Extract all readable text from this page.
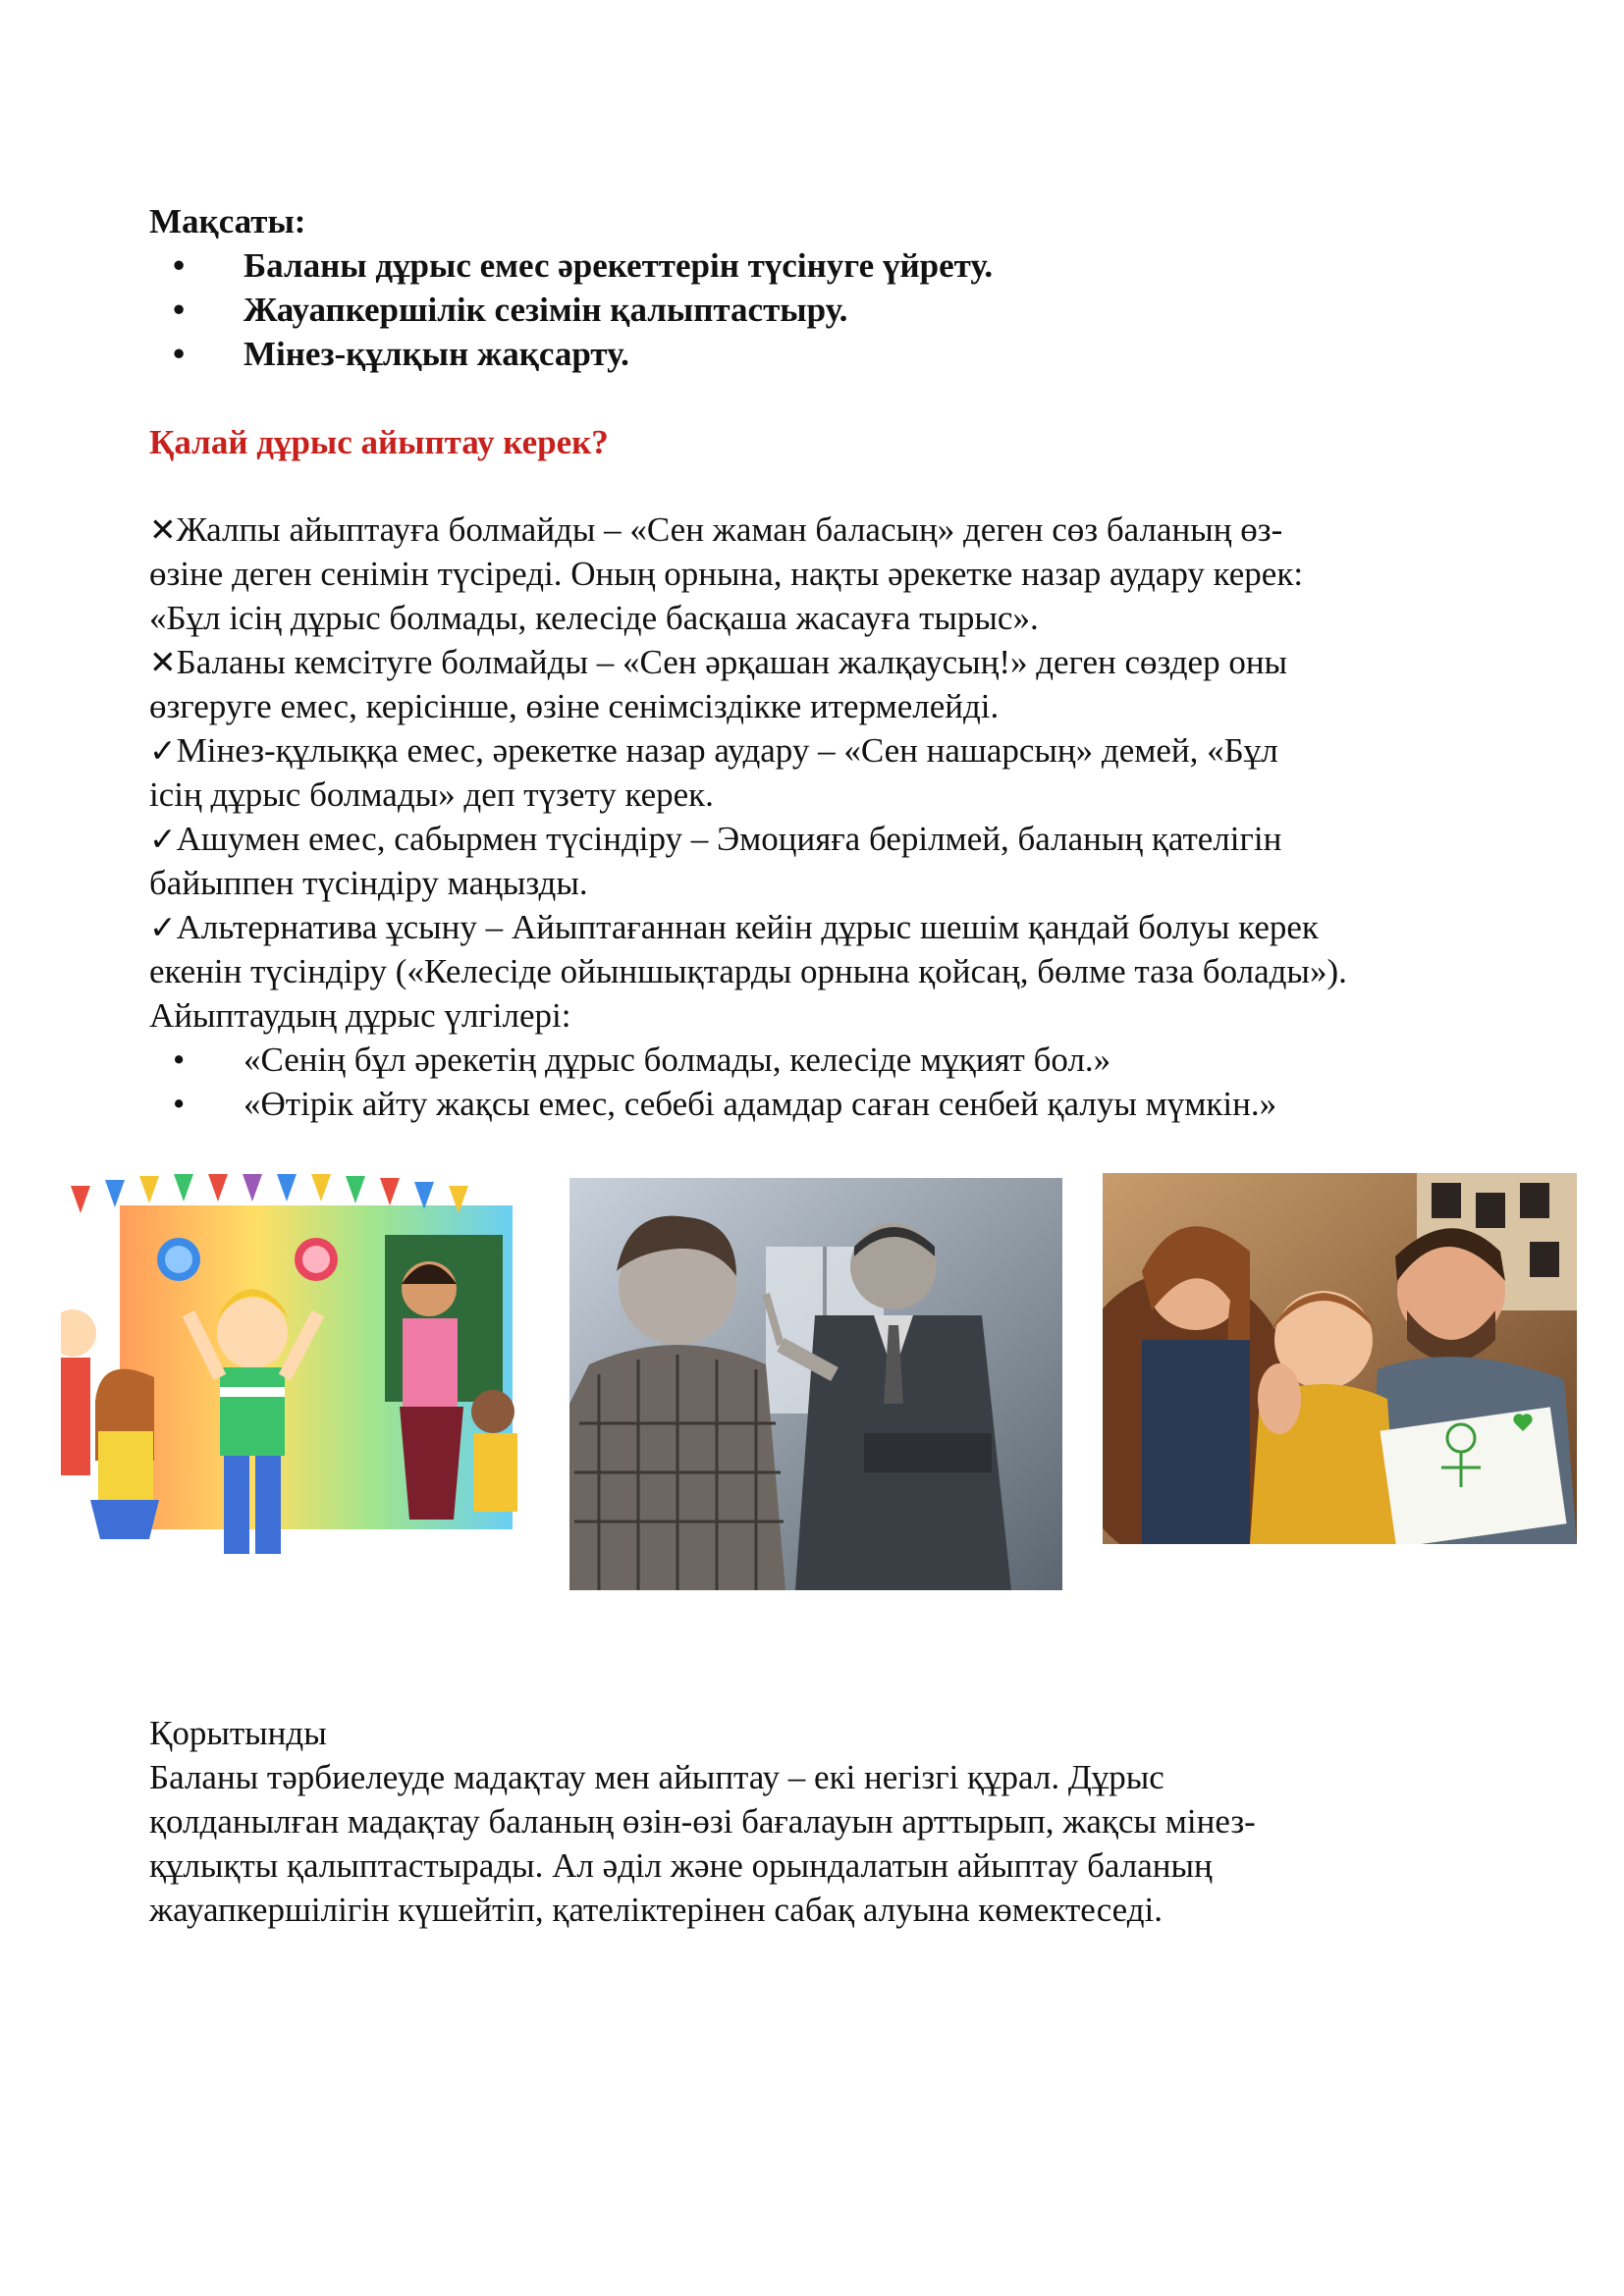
Мақсаты:
• Баланы дұрыс емес әрекеттерін түсінуге үйрету.
• Жауапкершілік сезімін қалыптастыру.
• Мінез-құлқын жақсарту.
Қалай дұрыс айыптау керек?
✕Жалпы айыптауға болмайды – «Сен жаман баласың» деген сөз баланың өз-
өзіне деген сенімін түсіреді. Оның орнына, нақты әрекетке назар аудару керек:
«Бұл ісің дұрыс болмады, келесіде басқаша жасауға тырыс».
✕Баланы кемсітуге болмайды – «Сен әрқашан жалқаусың!» деген сөздер оны
өзгеруге емес, керісінше, өзіне сенімсіздікке итермелейді.
✓Мінез-құлыққа емес, әрекетке назар аудару – «Сен нашарсың» демей, «Бұл
ісің дұрыс болмады» деп түзету керек.
✓Ашумен емес, сабырмен түсіндіру – Эмоцияға берілмей, баланың қателігін
байыппен түсіндіру маңызды.
✓Альтернатива ұсыну – Айыптағаннан кейін дұрыс шешім қандай болуы керек
екенін түсіндіру («Келесіде ойыншықтарды орнына қойсаң, бөлме таза болады»).
Айыптаудың дұрыс үлгілері:
• «Сенің бұл әрекетің дұрыс болмады, келесіде мұқият бол.»
• «Өтірік айту жақсы емес, себебі адамдар саған сенбей қалуы мүмкін.»
Қорытынды
Баланы тәрбиелеуде мадақтау мен айыптау – екі негізгі құрал. Дұрыс
қолданылған мадақтау баланың өзін-өзі бағалауын арттырып, жақсы мінез-
құлықты қалыптастырады. Ал әділ және орындалатын айыптау баланың
жауапкершілігін күшейтіп, қателіктерінен сабақ алуына көмектеседі.
